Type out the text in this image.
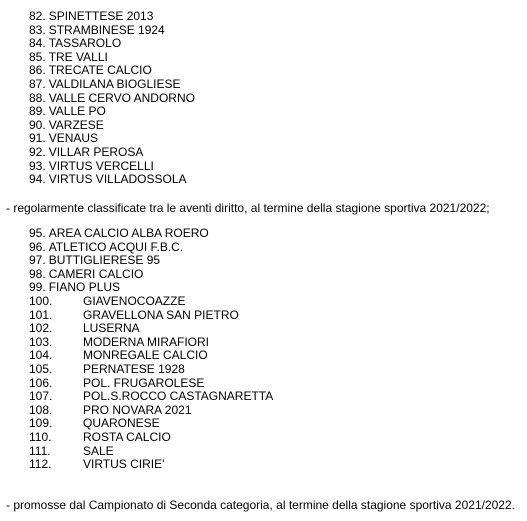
82. SPINETTESE 2013
83. STRAMBINESE 1924
84. TASSAROLO
85. TRE VALLI
86. TRECATE CALCIO
87. VALDILANA BIOGLIESE
88. VALLE CERVO ANDORNO
89. VALLE PO
90. VARZESE
91. VENAUS
92. VILLAR PEROSA
93. VIRTUS VERCELLI
94. VIRTUS VILLADOSSOLA

- regolarmente classificate tra le aventi diritto, al termine della stagione sportiva 2021/2022;

95. AREA CALCIO ALBA ROERO
96. ATLETICO ACQUI F.B.C.
97. BUTTIGLIERESE 95
98. CAMERI CALCIO
99. FIANO PLUS
100.	GIAVENOCOAZZE
101.	GRAVELLONA SAN PIETRO
102.	LUSERNA
103.	MODERNA MIRAFIORI
104.	MONREGALE CALCIO
105.	PERNATESE 1928
106.	POL. FRUGAROLESE
107.	POL.S.ROCCO CASTAGNARETTA
108.	PRO NOVARA 2021
109.	QUARONESE
110.	ROSTA CALCIO
111.	SALE
112.	VIRTUS CIRIE'

- promosse dal Campionato di Seconda categoria, al termine della stagione sportiva 2021/2022.
